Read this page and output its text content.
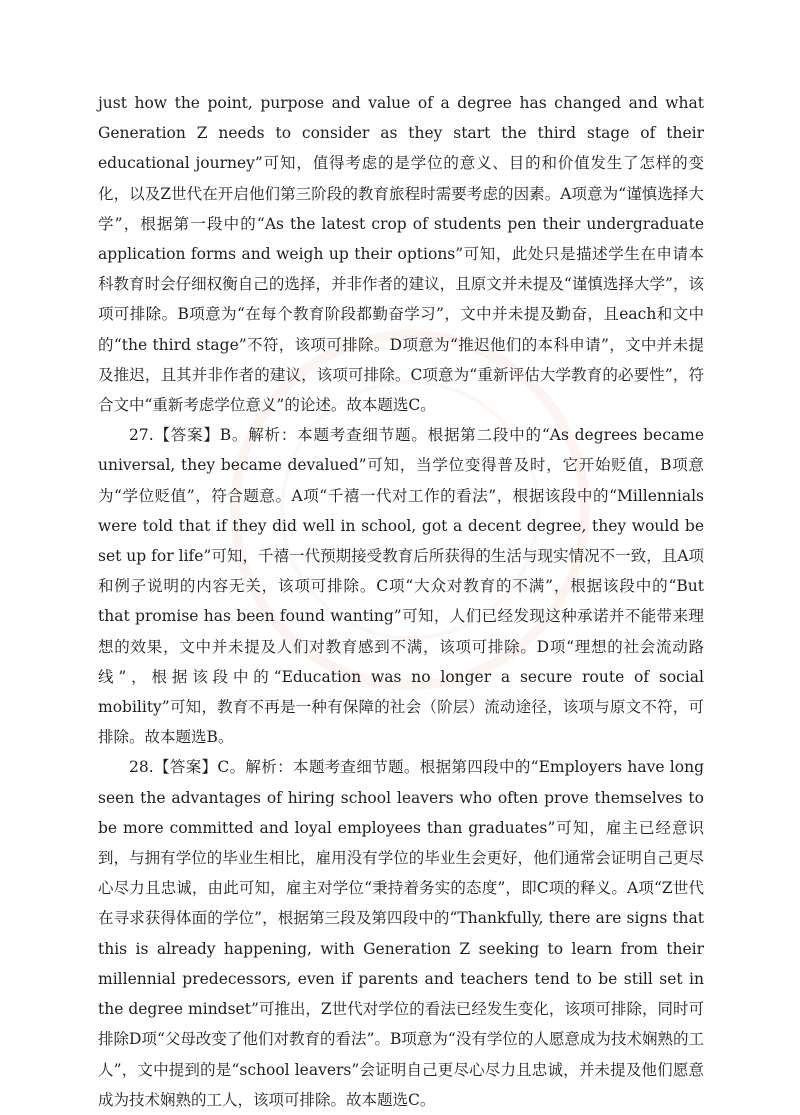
just how the point, purpose and value of a degree has changed and what Generation Z needs to consider as they start the third stage of their educational journey”可知，值得考虑的是学位的意义、目的和价值发生了怎样的变化，以及Z世代在开启他们第三阶段的教育旅程时需要考虑的因素。A项意为“谨慎选择大学”，根据第一段中的“As the latest crop of students pen their undergraduate application forms and weigh up their options”可知，此处只是描述学生在申请本科教育时会仔细权衡自己的选择，并非作者的建议，且原文并未提及“谨慎选择大学”，该项可排除。B项意为“在每个教育阶段都勤奋学习”，文中并未提及勤奋，且each和文中的“the third stage”不符，该项可排除。D项意为“推迟他们的本科申请”，文中并未提及推迟，且其并非作者的建议，该项可排除。C项意为“重新评估大学教育的必要性”，符合文中“重新考虑学位意义”的论述。故本题选C。

27.【答案】B。解析：本题考查细节题。根据第二段中的“As degrees became universal, they became devalued”可知，当学位变得普及时，它开始贬值，B项意为“学位贬值”，符合题意。A项“千禧一代对工作的看法”，根据该段中的“Millennials were told that if they did well in school, got a decent degree, they would be set up for life”可知，千禧一代预期接受教育后所获得的生活与现实情况不一致，且A项和例子说明的内容无关，该项可排除。C项“大众对教育的不满”，根据该段中的“But that promise has been found wanting”可知，人们已经发现这种承诺并不能带来理想的效果，文中并未提及人们对教育感到不满，该项可排除。D项“理想的社会流动路线”，根据该段中的“Education was no longer a secure route of social mobility”可知，教育不再是一种有保障的社会（阶层）流动途径，该项与原文不符，可排除。故本题选B。

28.【答案】C。解析：本题考查细节题。根据第四段中的“Employers have long seen the advantages of hiring school leavers who often prove themselves to be more committed and loyal employees than graduates”可知，雇主已经意识到，与拥有学位的毕业生相比，雇用没有学位的毕业生会更好，他们通常会证明自己更尽心尽力且忠诚，由此可知，雇主对学位“秉持着务实的态度”，即C项的释义。A项“Z世代在寻求获得体面的学位”，根据第三段及第四段中的“Thankfully, there are signs that this is already happening, with Generation Z seeking to learn from their millennial predecessors, even if parents and teachers tend to be still set in the degree mindset”可推出，Z世代对学位的看法已经发生变化，该项可排除，同时可排除D项“父母改变了他们对教育的看法”。B项意为“没有学位的人愿意成为技术娴熟的工人”，文中提到的是“school leavers”会证明自己更尽心尽力且忠诚，并未提及他们愿意成为技术娴熟的工人，该项可排除。故本题选C。
